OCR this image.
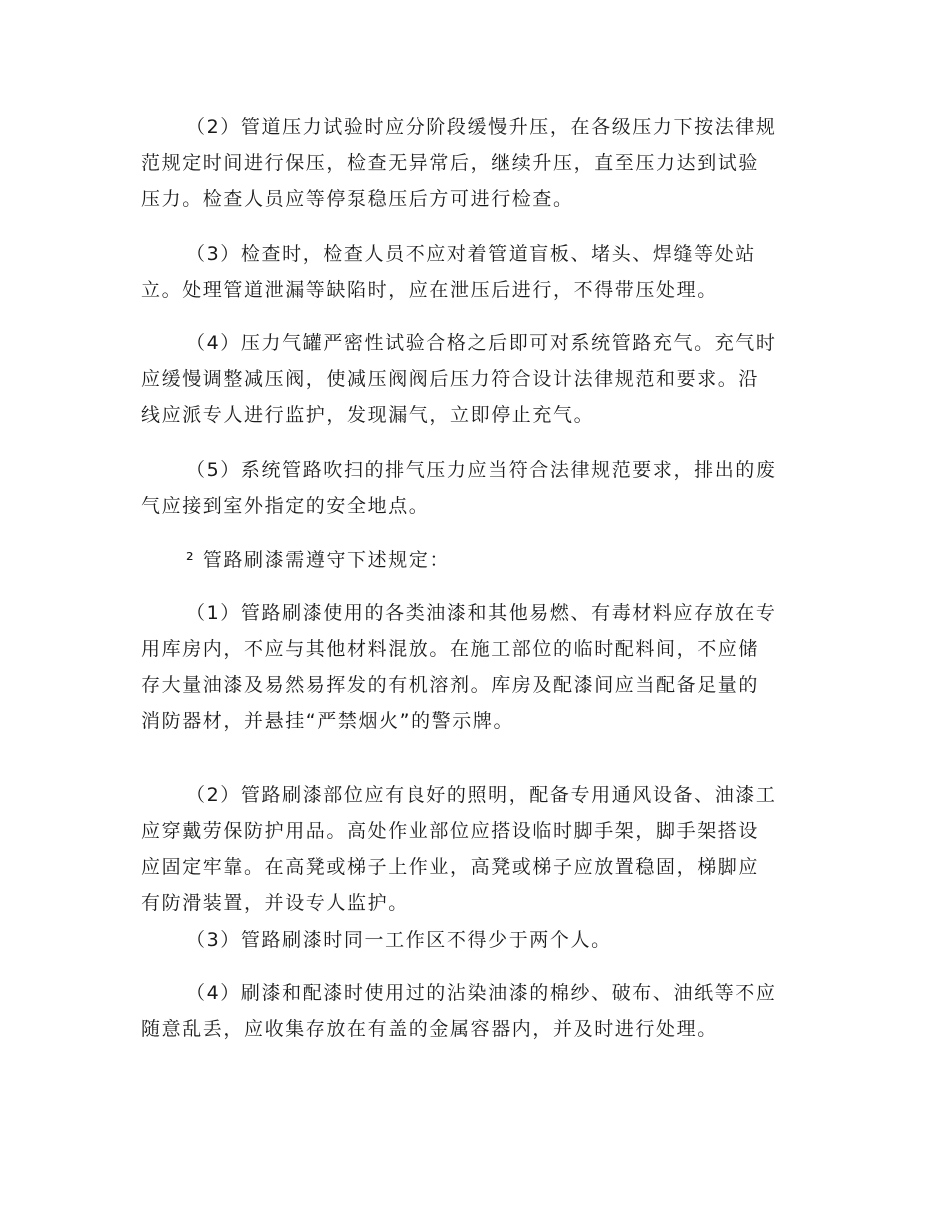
（2）管道压力试验时应分阶段缓慢升压，在各级压力下按法律规
范规定时间进行保压，检查无异常后，继续升压，直至压力达到试验
压力。检查人员应等停泵稳压后方可进行检查。
（3）检查时，检查人员不应对着管道盲板、堵头、焊缝等处站
立。处理管道泄漏等缺陷时，应在泄压后进行，不得带压处理。
（4）压力气罐严密性试验合格之后即可对系统管路充气。充气时
应缓慢调整减压阀，使减压阀阀后压力符合设计法律规范和要求。沿
线应派专人进行监护，发现漏气，立即停止充气。
（5）系统管路吹扫的排气压力应当符合法律规范要求，排出的废
气应接到室外指定的安全地点。
² 管路刷漆需遵守下述规定：
（1）管路刷漆使用的各类油漆和其他易燃、有毒材料应存放在专
用库房内，不应与其他材料混放。在施工部位的临时配料间，不应储
存大量油漆及易然易挥发的有机溶剂。库房及配漆间应当配备足量的
消防器材，并悬挂“严禁烟火”的警示牌。
（2）管路刷漆部位应有良好的照明，配备专用通风设备、油漆工
应穿戴劳保防护用品。高处作业部位应搭设临时脚手架，脚手架搭设
应固定牢靠。在高凳或梯子上作业，高凳或梯子应放置稳固，梯脚应
有防滑装置，并设专人监护。
（3）管路刷漆时同一工作区不得少于两个人。
（4）刷漆和配漆时使用过的沾染油漆的棉纱、破布、油纸等不应
随意乱丢，应收集存放在有盖的金属容器内，并及时进行处理。
